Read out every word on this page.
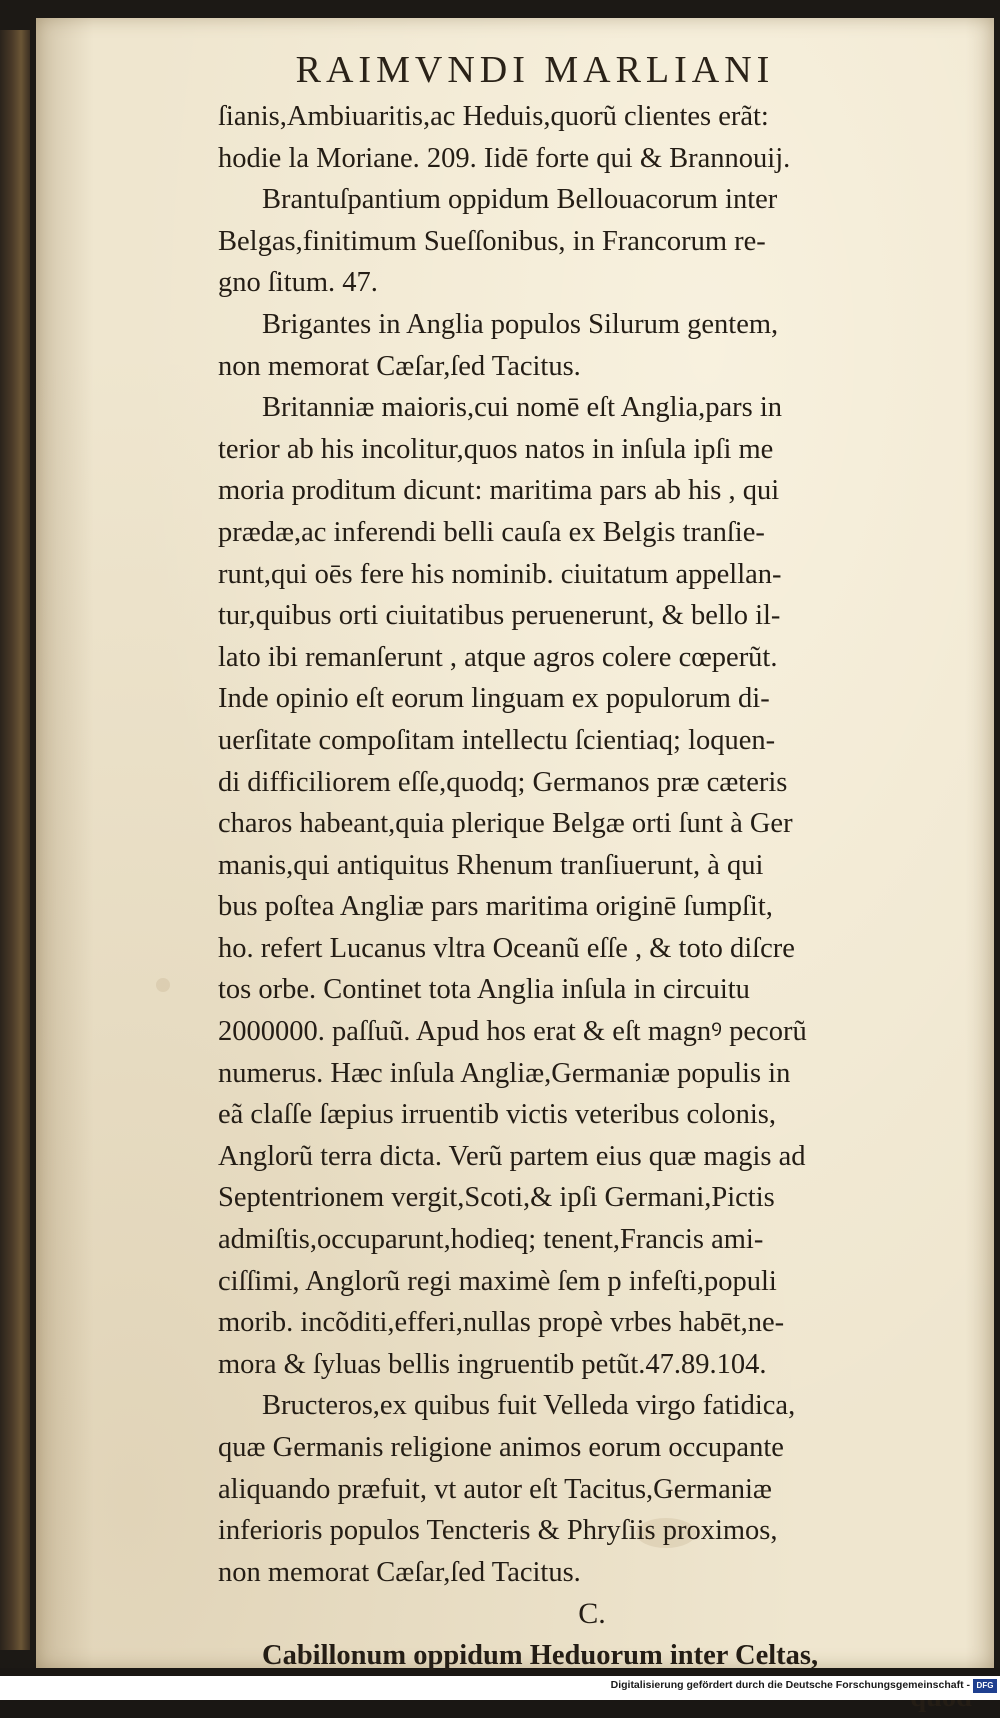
RAIMVNDI MARLIANI
ſianis,Ambiuaritis,ac Heduis,quorũ clientes erãt:
hodie la Moriane. 209. Iidē forte qui & Brannouij.
Brantuſpantium oppidum Bellouacorum inter
Belgas,finitimum Sueſſonibus, in Francorum re-
gno ſitum. 47.
Brigantes in Anglia populos Silurum gentem,
non memorat Cæſar,ſed Tacitus.
Britanniæ maioris,cui nomē eſt Anglia,pars in
terior ab his incolitur,quos natos in inſula ipſi me
moria proditum dicunt: maritima pars ab his , qui
prædæ,ac inferendi belli cauſa ex Belgis tranſie-
runt,qui oēs fere his nominib. ciuitatum appellan-
tur,quibus orti ciuitatibus peruenerunt, & bello il-
lato ibi remanſerunt , atque agros colere cœperũt.
Inde opinio eſt eorum linguam ex populorum di-
uerſitate compoſitam intellectu ſcientiaq; loquen-
di difficiliorem eſſe,quodq; Germanos præ cæteris
charos habeant,quia plerique Belgæ orti ſunt à Ger
manis,qui antiquitus Rhenum tranſiuerunt, à qui
bus poſtea Angliæ pars maritima originē ſumpſit,
ho. refert Lucanus vltra Oceanũ eſſe , & toto diſcre
tos orbe. Continet tota Anglia inſula in circuitu
2000000. paſſuũ. Apud hos erat & eſt magnꝰ pecorũ
numerus. Hæc inſula Angliæ,Germaniæ populis in
eã claſſe ſæpius irruentib victis veteribus colonis,
Anglorũ terra dicta. Verũ partem eius quæ magis ad
Septentrionem vergit,Scoti,& ipſi Germani,Pictis
admiſtis,occuparunt,hodieq; tenent,Francis ami-
ciſſimi, Anglorũ regi maximè ſem p infeſti,populi
morib. incõditi,efferi,nullas propè vrbes habēt,ne-
mora & ſyluas bellis ingruentib petũt.47.89.104.
Bructeros,ex quibus fuit Velleda virgo fatidica,
quæ Germanis religione animos eorum occupante
aliquando præfuit, vt autor eſt Tacitus,Germaniæ
inferioris populos Tencteris & Phryſiis proximos,
non memorat Cæſar,ſed Tacitus.
C.
Cabillonum oppidum Heduorum inter Celtas,
Digitalisierung gefördert durch die Deutsche Forschungsgemeinschaft - DFG
